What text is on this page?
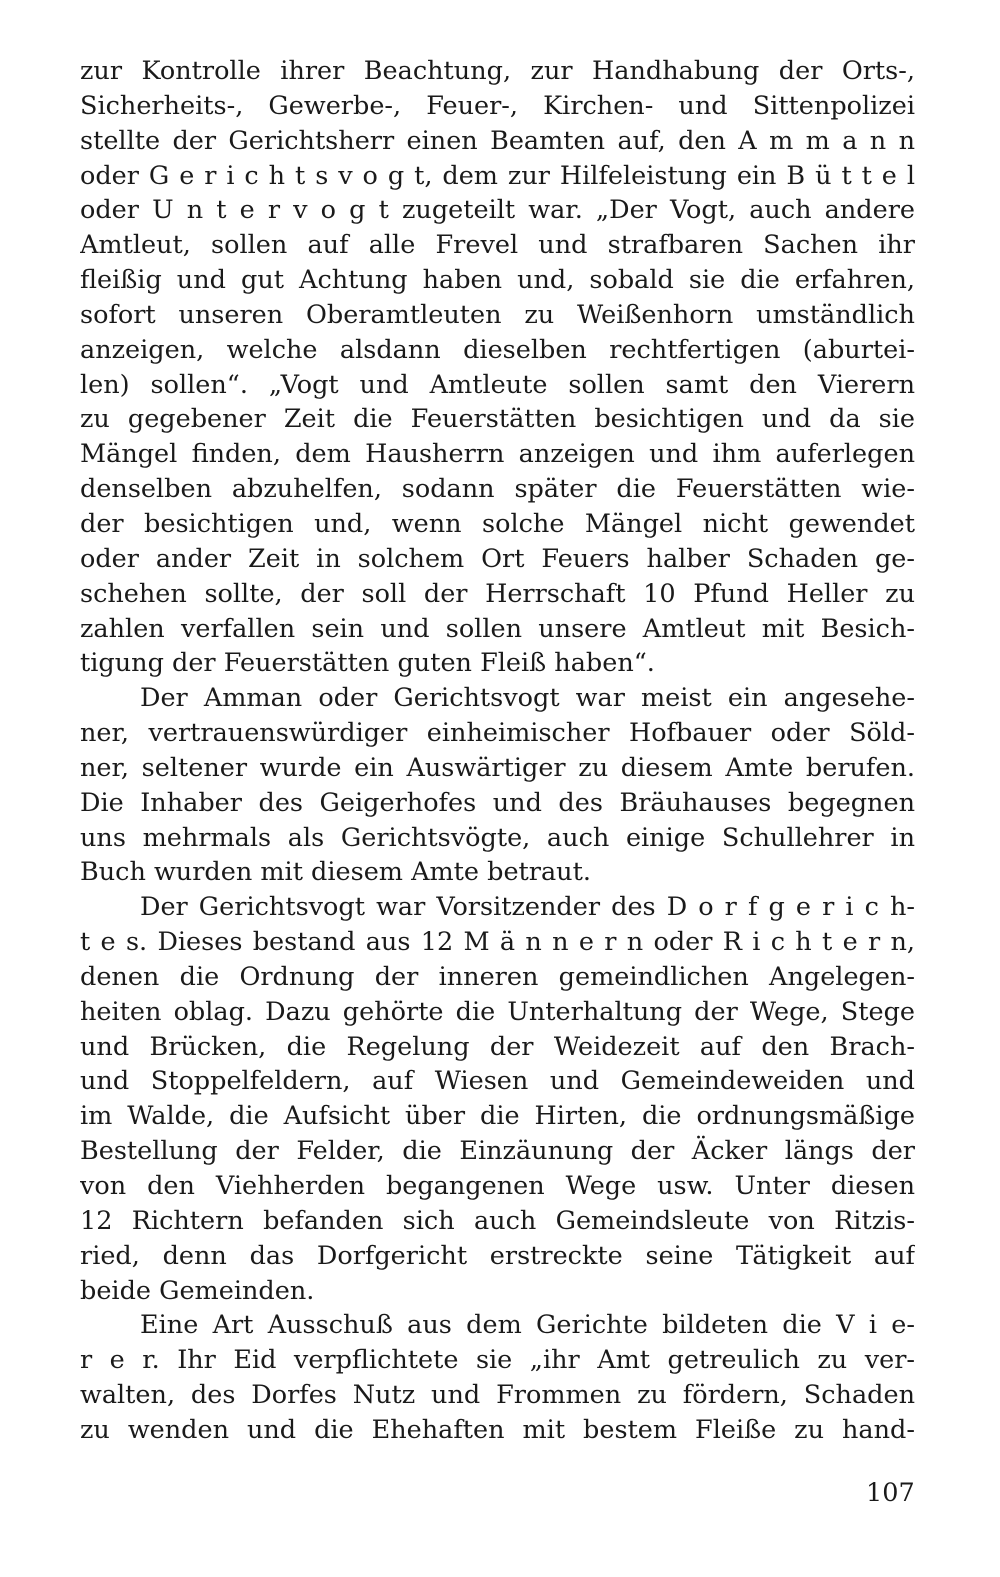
zur Kontrolle ihrer Beachtung, zur Handhabung der Orts-,
Sicherheits-, Gewerbe-, Feuer-, Kirchen- und Sittenpolizei
stellte der Gerichtsherr einen Beamten auf, den A m m a n n
oder G e r i c h t s v o g t, dem zur Hilfeleistung ein B ü t t e l
oder U n t e r v o g t zugeteilt war. „Der Vogt, auch andere
Amtleut, sollen auf alle Frevel und strafbaren Sachen ihr
fleißig und gut Achtung haben und, sobald sie die erfahren,
sofort unseren Oberamtleuten zu Weißenhorn umständlich
anzeigen, welche alsdann dieselben rechtfertigen (aburtei-
len) sollen“. „Vogt und Amtleute sollen samt den Vierern
zu gegebener Zeit die Feuerstätten besichtigen und da sie
Mängel finden, dem Hausherrn anzeigen und ihm auferlegen
denselben abzuhelfen, sodann später die Feuerstätten wie-
der besichtigen und, wenn solche Mängel nicht gewendet
oder ander Zeit in solchem Ort Feuers halber Schaden ge-
schehen sollte, der soll der Herrschaft 10 Pfund Heller zu
zahlen verfallen sein und sollen unsere Amtleut mit Besich-
tigung der Feuerstätten guten Fleiß haben“.
Der Amman oder Gerichtsvogt war meist ein angesehe-
ner, vertrauenswürdiger einheimischer Hofbauer oder Söld-
ner, seltener wurde ein Auswärtiger zu diesem Amte berufen.
Die Inhaber des Geigerhofes und des Bräuhauses begegnen
uns mehrmals als Gerichtsvögte, auch einige Schullehrer in
Buch wurden mit diesem Amte betraut.
Der Gerichtsvogt war Vorsitzender des D o r f g e r i c h-
t e s. Dieses bestand aus 12 M ä n n e r n oder R i c h t e r n,
denen die Ordnung der inneren gemeindlichen Angelegen-
heiten oblag. Dazu gehörte die Unterhaltung der Wege, Stege
und Brücken, die Regelung der Weidezeit auf den Brach-
und Stoppelfeldern, auf Wiesen und Gemeindeweiden und
im Walde, die Aufsicht über die Hirten, die ordnungsmäßige
Bestellung der Felder, die Einzäunung der Äcker längs der
von den Viehherden begangenen Wege usw. Unter diesen
12 Richtern befanden sich auch Gemeindsleute von Ritzis-
ried, denn das Dorfgericht erstreckte seine Tätigkeit auf
beide Gemeinden.
Eine Art Ausschuß aus dem Gerichte bildeten die V i e-
r e r. Ihr Eid verpflichtete sie „ihr Amt getreulich zu ver-
walten, des Dorfes Nutz und Frommen zu fördern, Schaden
zu wenden und die Ehehaften mit bestem Fleiße zu hand-
107
